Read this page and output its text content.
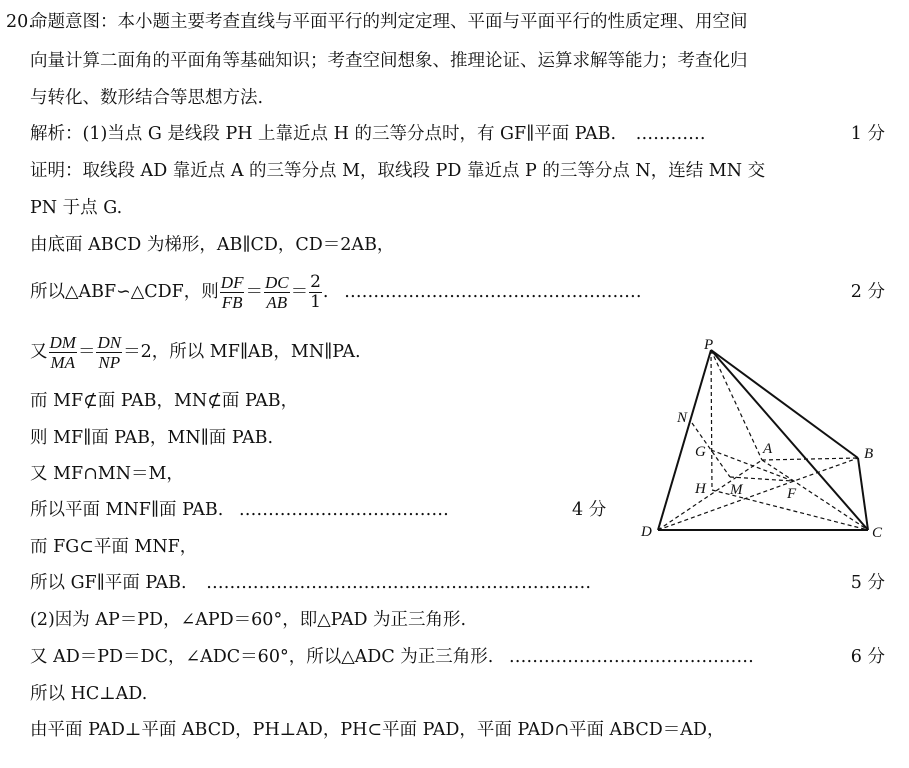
20.
命题意图：本小题主要考查直线与平面平行的判定定理、平面与平面平行的性质定理、用空间
向量计算二面角的平面角等基础知识；考查空间想象、推理论证、运算求解等能力；考查化归
与转化、数形结合等思想方法.
解析：(1)当点 G 是线段 PH 上靠近点 H 的三等分点时，有 GF∥平面 PAB. …………	1 分
证明：取线段 AD 靠近点 A 的三等分点 M，取线段 PD 靠近点 P 的三等分点 N，连结 MN 交
PN 于点 G.
由底面 ABCD 为梯形，AB∥CD，CD＝2AB，
所以△ABF∽△CDF，则 $\frac{DF}{FB} = \frac{DC}{AB} = \frac{2}{1}$ . ……………………………………………	2 分
又 $\frac{DM}{MA} = \frac{DN}{NP} =2$，所以 MF∥AB，MN∥PA.
而 MF⊄面 PAB，MN⊄面 PAB，
则 MF∥面 PAB，MN∥面 PAB.
又 MF∩MN＝M，
所以平面 MNF∥面 PAB. ………………………………	4 分
而 FG⊂平面 MNF，
所以 GF∥平面 PAB. …………………………………………………………	5 分
(2)因为 AP＝PD，∠APD＝60°，即△PAD 为正三角形.
又 AD＝PD＝DC，∠ADC＝60°，所以△ADC 为正三角形. ……………………………………	6 分
所以 HC⊥AD.
由平面 PAD⊥平面 ABCD，PH⊥AD，PH⊂平面 PAD，平面 PAD∩平面 ABCD＝AD，
P
N
G	A	B
H M	F
D	C
